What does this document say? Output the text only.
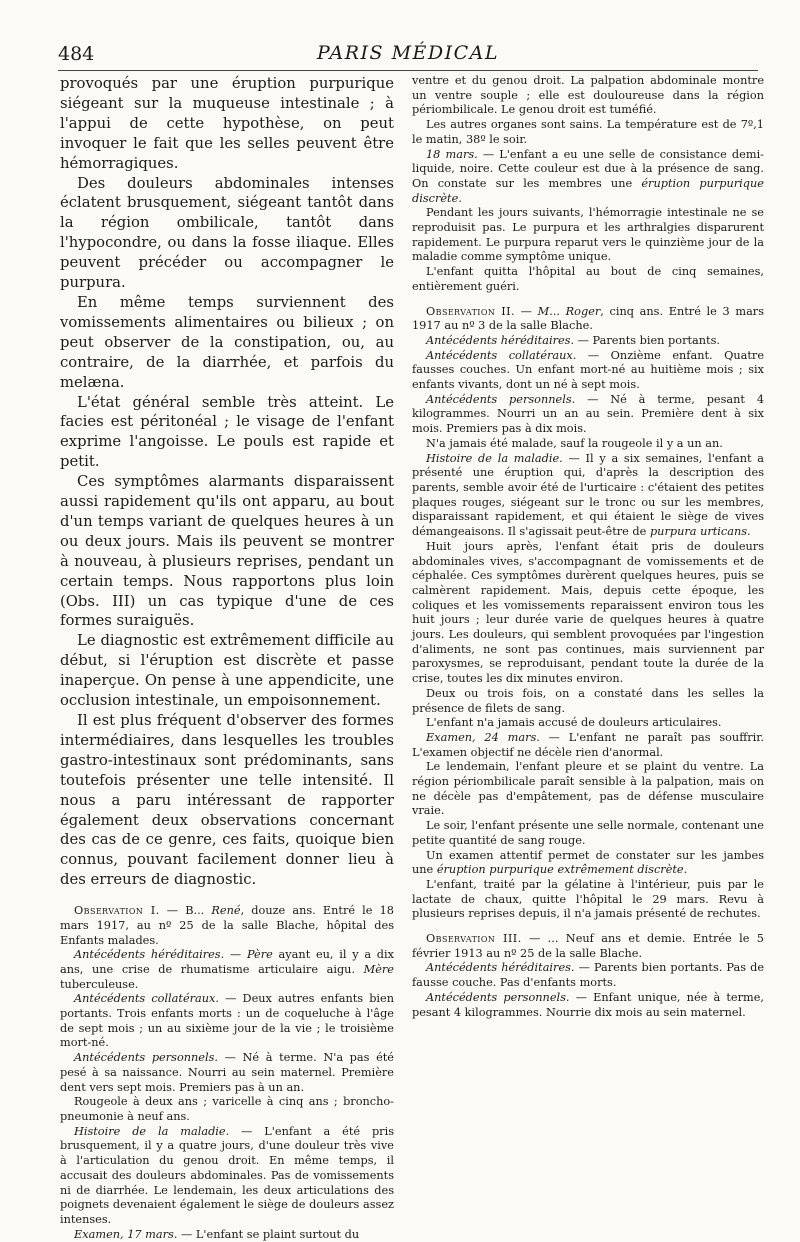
484	PARIS MÉDICAL

provoqués par une éruption purpurique siégeant sur la muqueuse intestinale ; à l'appui de cette hypothèse, on peut invoquer le fait que les selles peuvent être hémorragiques.

Des douleurs abdominales intenses éclatent brusquement, siégeant tantôt dans la région ombilicale, tantôt dans l'hypocondre, ou dans la fosse iliaque. Elles peuvent précéder ou accompagner le purpura.

En même temps surviennent des vomissements alimentaires ou bilieux ; on peut observer de la constipation, ou, au contraire, de la diarrhée, et parfois du melæna.

L'état général semble très atteint. Le facies est péritonéal ; le visage de l'enfant exprime l'angoisse. Le pouls est rapide et petit.

Ces symptômes alarmants disparaissent aussi rapidement qu'ils ont apparu, au bout d'un temps variant de quelques heures à un ou deux jours. Mais ils peuvent se montrer à nouveau, à plusieurs reprises, pendant un certain temps. Nous rapportons plus loin (Obs. III) un cas typique d'une de ces formes suraiguës.

Le diagnostic est extrêmement difficile au début, si l'éruption est discrète et passe inaperçue. On pense à une appendicite, une occlusion intestinale, un empoisonnement.

Il est plus fréquent d'observer des formes intermédiaires, dans lesquelles les troubles gastro-intestinaux sont prédominants, sans toutefois présenter une telle intensité. Il nous a paru intéressant de rapporter également deux observations concernant des cas de ce genre, ces faits, quoique bien connus, pouvant facilement donner lieu à des erreurs de diagnostic.

Observation I. — B... René, douze ans. Entré le 18 mars 1917, au nº 25 de la salle Blache, hôpital des Enfants malades.

Antécédents héréditaires. — Père ayant eu, il y a dix ans, une crise de rhumatisme articulaire aigu. Mère tuberculeuse.

Antécédents collatéraux. — Deux autres enfants bien portants. Trois enfants morts : un de coqueluche à l'âge de sept mois ; un au sixième jour de la vie ; le troisième mort-né.

Antécédents personnels. — Né à terme. N'a pas été pesé à sa naissance. Nourri au sein maternel. Première dent vers sept mois. Premiers pas à un an.

Rougeole à deux ans ; varicelle à cinq ans ; broncho-pneumonie à neuf ans.

Histoire de la maladie. — L'enfant a été pris brusquement, il y a quatre jours, d'une douleur très vive à l'articulation du genou droit. En même temps, il accusait des douleurs abdominales. Pas de vomissements ni de diarrhée. Le lendemain, les deux articulations des poignets devenaient également le siège de douleurs assez intenses.

Examen, 17 mars. — L'enfant se plaint surtout du

ventre et du genou droit. La palpation abdominale montre un ventre souple ; elle est douloureuse dans la région périombilicale. Le genou droit est tuméfié.

Les autres organes sont sains. La température est de 7º,1 le matin, 38º le soir.

18 mars. — L'enfant a eu une selle de consistance demi-liquide, noire. Cette couleur est due à la présence de sang. On constate sur les membres une éruption purpurique discrète.

Pendant les jours suivants, l'hémorragie intestinale ne se reproduisit pas. Le purpura et les arthralgies disparurent rapidement. Le purpura reparut vers le quinzième jour de la maladie comme symptôme unique.

L'enfant quitta l'hôpital au bout de cinq semaines, entièrement guéri.

Observation II. — M... Roger, cinq ans. Entré le 3 mars 1917 au nº 3 de la salle Blache.

Antécédents héréditaires. — Parents bien portants.

Antécédents collatéraux. — Onzième enfant. Quatre fausses couches. Un enfant mort-né au huitième mois ; six enfants vivants, dont un né à sept mois.

Antécédents personnels. — Né à terme, pesant 4 kilogrammes. Nourri un an au sein. Première dent à six mois. Premiers pas à dix mois.

N'a jamais été malade, sauf la rougeole il y a un an.

Histoire de la maladie. — Il y a six semaines, l'enfant a présenté une éruption qui, d'après la description des parents, semble avoir été de l'urticaire : c'étaient des petites plaques rouges, siégeant sur le tronc ou sur les membres, disparaissant rapidement, et qui étaient le siège de vives démangeaisons. Il s'agissait peut-être de purpura urticans.

Huit jours après, l'enfant était pris de douleurs abdominales vives, s'accompagnant de vomissements et de céphalée. Ces symptômes durèrent quelques heures, puis se calmèrent rapidement. Mais, depuis cette époque, les coliques et les vomissements reparaissent environ tous les huit jours ; leur durée varie de quelques heures à quatre jours. Les douleurs, qui semblent provoquées par l'ingestion d'aliments, ne sont pas continues, mais surviennent par paroxysmes, se reproduisant, pendant toute la durée de la crise, toutes les dix minutes environ.

Deux ou trois fois, on a constaté dans les selles la présence de filets de sang.

L'enfant n'a jamais accusé de douleurs articulaires.

Examen, 24 mars. — L'enfant ne paraît pas souffrir. L'examen objectif ne décèle rien d'anormal.

Le lendemain, l'enfant pleure et se plaint du ventre. La région périombilicale paraît sensible à la palpation, mais on ne décèle pas d'empâtement, pas de défense musculaire vraie.

Le soir, l'enfant présente une selle normale, contenant une petite quantité de sang rouge.

Un examen attentif permet de constater sur les jambes une éruption purpurique extrêmement discrète.

L'enfant, traité par la gélatine à l'intérieur, puis par le lactate de chaux, quitte l'hôpital le 29 mars. Revu à plusieurs reprises depuis, il n'a jamais présenté de rechutes.

Observation III. — ... Neuf ans et demie. Entrée le 5 février 1913 au nº 25 de la salle Blache.

Antécédents héréditaires. — Parents bien portants. Pas de fausse couche. Pas d'enfants morts.

Antécédents personnels. — Enfant unique, née à terme, pesant 4 kilogrammes. Nourrie dix mois au sein maternel.
